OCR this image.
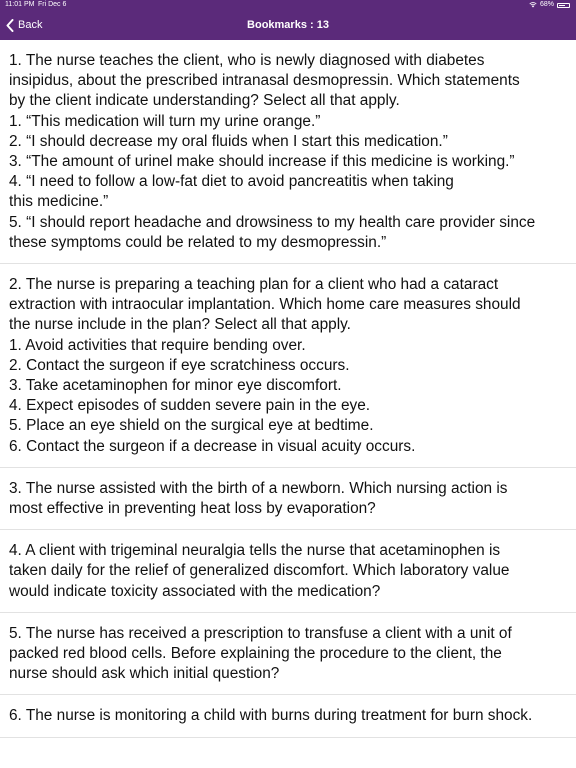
11:01 PM Fri Dec 6	68%
Back	Bookmarks : 13
1. The nurse teaches the client, who is newly diagnosed with diabetes
insipidus, about the prescribed intranasal desmopressin. Which statements
by the client indicate understanding? Select all that apply.
1. “This medication will turn my urine orange.”
2. “I should decrease my oral fluids when I start this medication.”
3. “The amount of urinel make should increase if this medicine is working.”
4. “I need to follow a low-fat diet to avoid pancreatitis when taking
this medicine.”
5. “I should report headache and drowsiness to my health care provider since
these symptoms could be related to my desmopressin.”
2. The nurse is preparing a teaching plan for a client who had a cataract
extraction with intraocular implantation. Which home care measures should
the nurse include in the plan? Select all that apply.
1. Avoid activities that require bending over.
2. Contact the surgeon if eye scratchiness occurs.
3. Take acetaminophen for minor eye discomfort.
4. Expect episodes of sudden severe pain in the eye.
5. Place an eye shield on the surgical eye at bedtime.
6. Contact the surgeon if a decrease in visual acuity occurs.
3. The nurse assisted with the birth of a newborn. Which nursing action is
most effective in preventing heat loss by evaporation?
4. A client with trigeminal neuralgia tells the nurse that acetaminophen is
taken daily for the relief of generalized discomfort. Which laboratory value
would indicate toxicity associated with the medication?
5. The nurse has received a prescription to transfuse a client with a unit of
packed red blood cells. Before explaining the procedure to the client, the
nurse should ask which initial question?
6. The nurse is monitoring a child with burns during treatment for burn shock.
